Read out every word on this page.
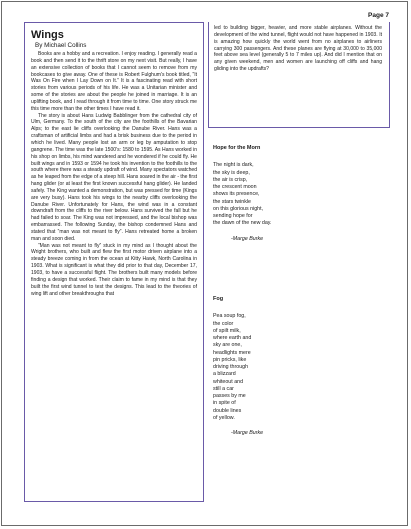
Page 7
Wings
By Michael Collins

Books are a hobby and a recreation. I enjoy reading. I generally read a book and then send it to the thrift store on my next visit. But really, I have an extensive collection of books that I cannot seem to remove from my bookcases to give away. One of these is Robert Fulghum's book titled, “It Was On Fire when I Lay Down on It.” It is a fascinating read with short stories from various periods of his life. He was a Unitarian minister and some of the stories are about the people he joined in marriage. It is an uplifting book, and I read through it from time to time. One story struck me this time more than the other times I have read it.

The story is about Hans Ludwig Babblinger from the cathedral city of Ulm, Germany. To the south of the city are the foothills of the Bavarian Alps; to the east lie cliffs overlooking the Danube River. Hans was a craftsman of artificial limbs and had a brisk business due to the period in which he lived. Many people lost an arm or leg by amputation to stop gangrene. The time was the late 1500's: 1580 to 1595. As Hans worked in his shop on limbs, his mind wandered and he wondered if he could fly. He built wings and in 1593 or 1594 he took his invention to the foothills to the south where there was a steady updraft of wind. Many spectators watched as he leaped from the edge of a steep hill. Hans soared in the air - the first hang glider (or at least the first known successful hang glider). He landed safely. The King wanted a demonstration, but was pressed for time (Kings are very busy). Hans took his wings to the nearby cliffs overlooking the Danube River. Unfortunately for Hans, the wind was in a constant downdraft from the cliffs to the river below. Hans survived the fall but he had failed to soar. The King was not impressed, and the local bishop was embarrassed. The following Sunday, the bishop condemned Hans and stated that “man was not meant to fly”. Hans retreated home a broken man and soon died.

“Man was not meant to fly” stuck in my mind as I thought about the Wright brothers, who built and flew the first motor driven airplane into a steady breeze coming in from the ocean at Kitty Hawk, North Carolina in 1903. What is significant is what they did prior to that day, December 17, 1903, to have a successful flight. The brothers built many models before finding a design that worked. Their claim to fame in my mind is that they built the first wind tunnel to test the designs. This lead to the theories of wing lift and other breakthroughs that

led to building bigger, heavier, and more stable airplanes. Without the development of the wind tunnel, flight would not have happened in 1903. It is amazing how quickly the world went from no airplanes to airliners carrying 300 passengers. And these planes are flying at 30,000 to 35,000 feet above sea level (generally 5 to 7 miles up). And did I mention that on any given weekend, men and women are launching off cliffs and hang gliding into the updrafts?

Hope for the Morn
The night is dark,
the sky is deep,
the air is crisp,
the crescent moon
shows its presence,
the stars twinkle
on this glorious night,
sending hope for
the dawn of the new day.
-Marge Burke
Fog
Pea soup fog,
the color
of spilt milk,
where earth and
sky are one,
headlights mere
pin pricks, like
driving through
a blizzard
whiteout and
still a car
passes by me
in spite of
double lines
of yellow.
-Marge Burke
